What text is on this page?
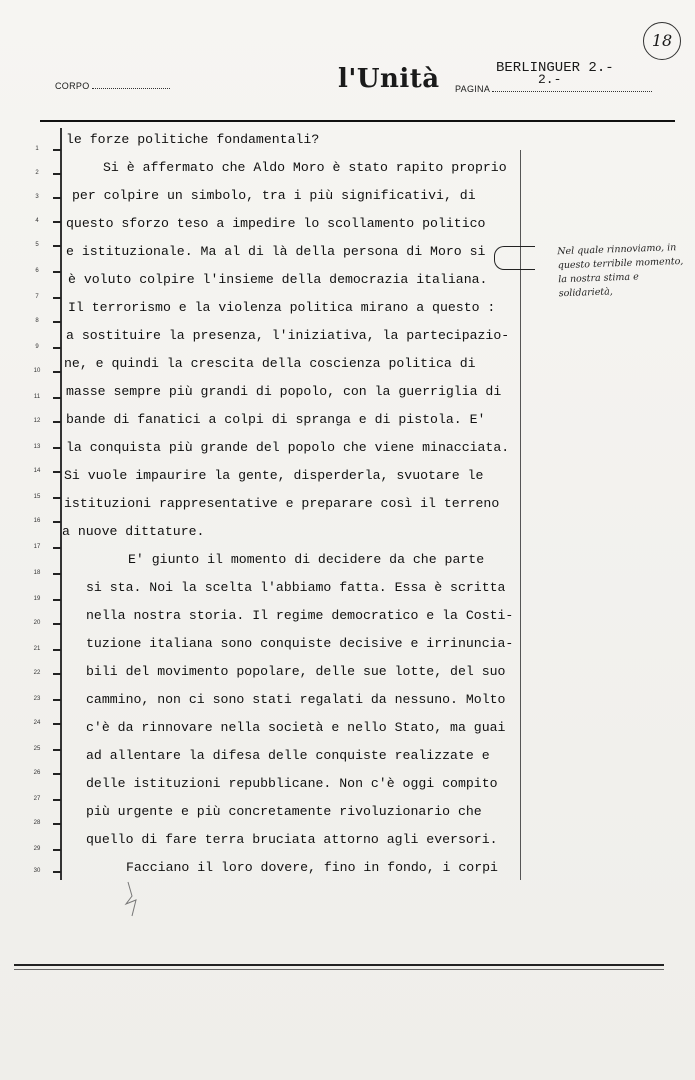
18
CORPO	l'Unità	BERLINGUER 2.-
2.-
PAGINA
1
2
3
4
5
6
7
8
9
10
11
12
13
14
15
16
17
18
19
20
21
22
23
24
25
26
27
28
29
30
le forze politiche fondamentali?
Si è affermato che Aldo Moro è stato rapito proprio
per colpire un simbolo, tra i più significativi, di
questo sforzo teso a impedire lo scollamento politico
e istituzionale. Ma al di là della persona di Moro si
è voluto colpire l'insieme della democrazia italiana.
Il terrorismo e la violenza politica mirano a questo :
a sostituire la presenza, l'iniziativa, la partecipazio-
ne, e quindi la crescita della coscienza politica di
masse sempre più grandi di popolo, con la guerriglia di
bande di fanatici a colpi di spranga e di pistola. E'
la conquista più grande del popolo che viene minacciata.
Si vuole impaurire la gente, disperderla, svuotare le
istituzioni rappresentative e preparare così il terreno
a nuove dittature.
E' giunto il momento di decidere da che parte
si sta. Noi la scelta l'abbiamo fatta. Essa è scritta
nella nostra storia. Il regime democratico e la Costi-
tuzione italiana sono conquiste decisive e irrinuncia-
bili del movimento popolare, delle sue lotte, del suo
cammino, non ci sono stati regalati da nessuno. Molto
c'è da rinnovare nella società e nello Stato, ma guai
ad allentare la difesa delle conquiste realizzate e
delle istituzioni repubblicane. Non c'è oggi compito
più urgente e più concretamente rivoluzionario che
quello di fare terra bruciata attorno agli eversori.
Facciano il loro dovere, fino in fondo, i corpi
Nel quale rinnoviamo, in questo terribile momento, la nostra stima e solidarietà,
